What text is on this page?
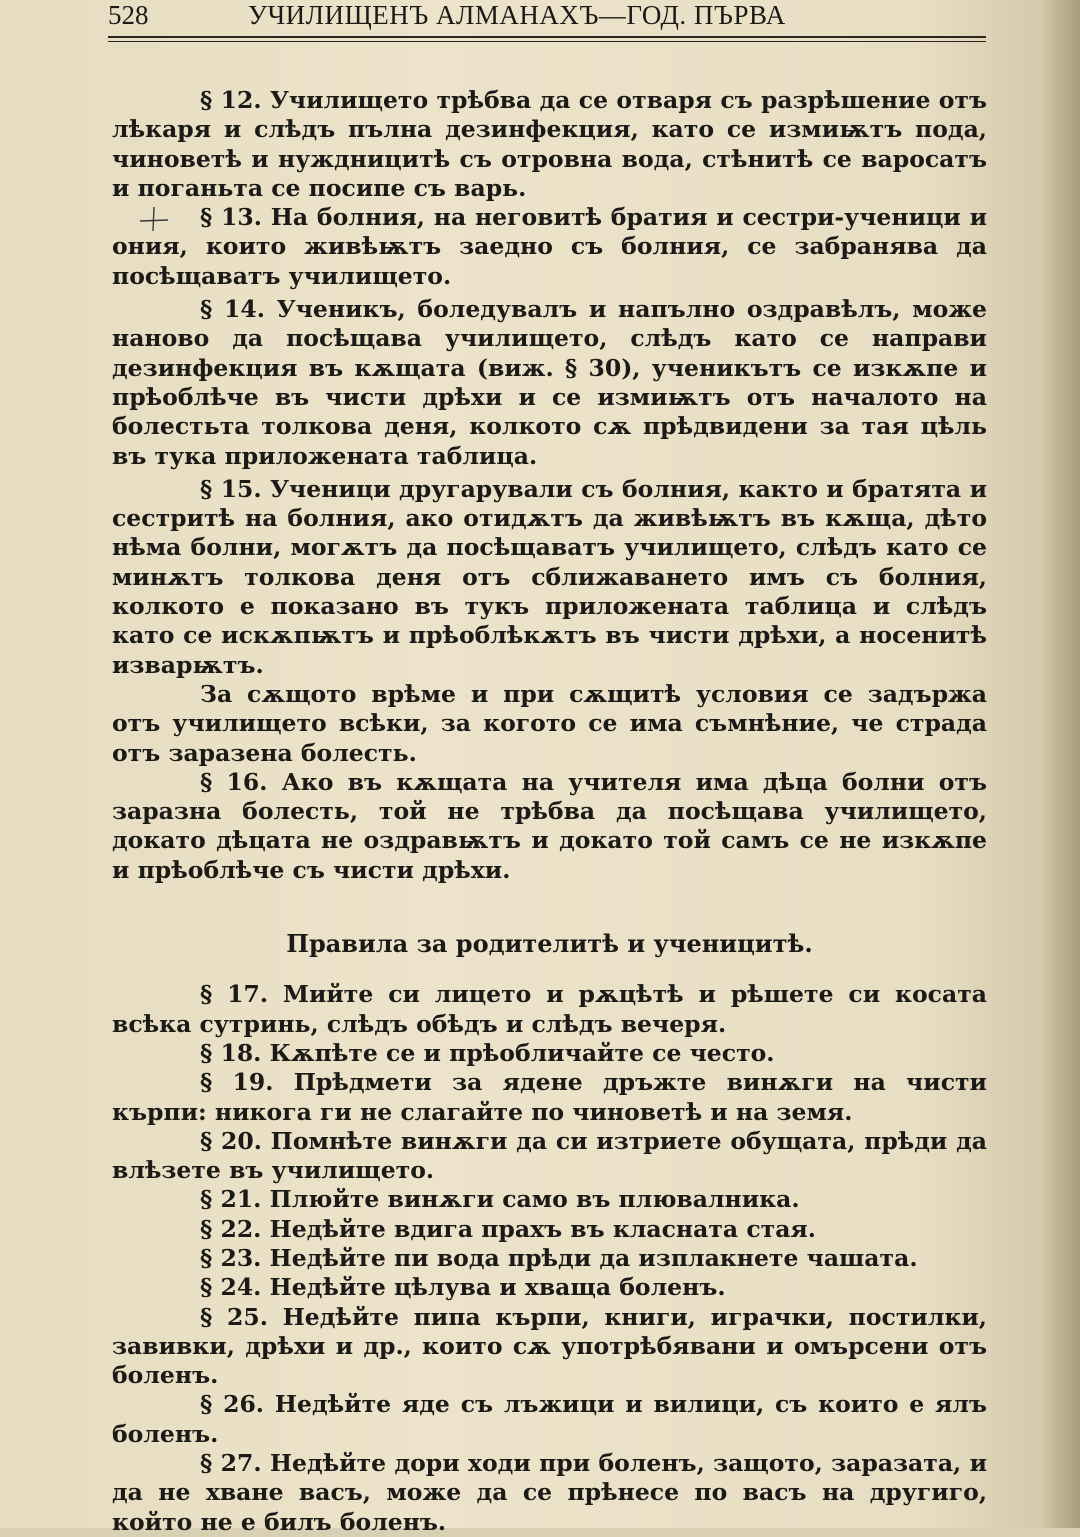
528	УЧИЛИЩЕНЪ АЛМАНАХЪ—ГОД. ПЪРВА

§ 12. Училището трѣбва да се отваря съ разрѣшение отъ лѣкаря и слѣдъ пълна дезинфекция, като се измиѭтъ пода, чиноветѣ и нуждницитѣ съ отровна вода, стѣнитѣ се варосатъ и поганьта се посипе съ варь.

§ 13. На болния, на неговитѣ братия и сестри-ученици и ония, които живѣѭтъ заедно съ болния, се забранява да посѣщаватъ училището.

§ 14. Ученикъ, боледувалъ и напълно оздравѣлъ, може наново да посѣщава училището, слѣдъ като се направи дезинфекция въ кѫщата (виж. § 30), ученикътъ се изкѫпе и прѣоблѣче въ чисти дрѣхи и се измиѭтъ отъ началото на болестьта толкова деня, колкото сѫ прѣдвидени за тая цѣль въ тука приложената таблица.

§ 15. Ученици другарували съ болния, както и братята и сестритѣ на болния, ако отидѫтъ да живѣѭтъ въ кѫща, дѣто нѣма болни, могѫтъ да посѣщаватъ училището, слѣдъ като се минѫтъ толкова деня отъ сближаването имъ съ болния, колкото е показано въ тукъ приложената таблица и слѣдъ като се искѫпѭтъ и прѣоблѣкѫтъ въ чисти дрѣхи, а носенитѣ изварѭтъ.

За сѫщото врѣме и при сѫщитѣ условия се задържа отъ училището всѣки, за когото се има съмнѣние, че страда отъ заразена болесть.

§ 16. Ако въ кѫщата на учителя има дѣца болни отъ заразна болесть, той не трѣбва да посѣщава училището, докато дѣцата не оздравѭтъ и докато той самъ се не изкѫпе и прѣоблѣче съ чисти дрѣхи.

Правила за родителитѣ и ученицитѣ.

§ 17. Мийте си лицето и рѫцѣтѣ и рѣшете си косата всѣка сутринь, слѣдъ обѣдъ и слѣдъ вечеря.

§ 18. Кѫпѣте се и прѣобличайте се често.

§ 19. Прѣдмети за ядене дръжте винѫги на чисти кърпи: никога ги не слагайте по чиноветѣ и на земя.

§ 20. Помнѣте винѫги да си изтриете обущата, прѣди да влѣзете въ училището.

§ 21. Плюйте винѫги само въ плювалника.

§ 22. Недѣйте вдига прахъ въ класната стая.

§ 23. Недѣйте пи вода прѣди да изплакнете чашата.

§ 24. Недѣйте цѣлува и хваща боленъ.

§ 25. Недѣйте пипа кърпи, книги, играчки, постилки, завивки, дрѣхи и др., които сѫ употрѣбявани и омърсени отъ боленъ.

§ 26. Недѣйте яде съ лъжици и вилици, съ които е ялъ боленъ.

§ 27. Недѣйте дори ходи при боленъ, защото, заразата, и да не хване васъ, може да се прѣнесе по васъ на другиго, който не е билъ боленъ.
